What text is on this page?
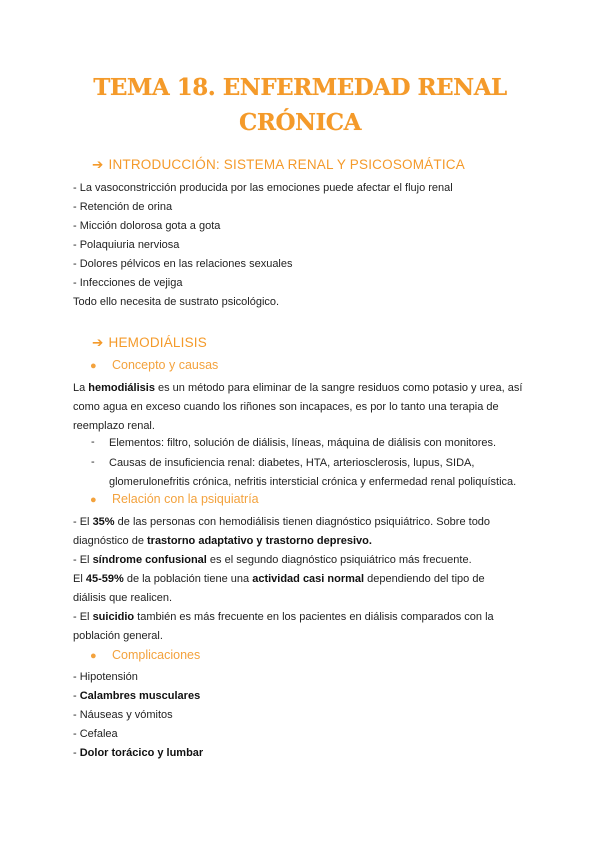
TEMA 18. ENFERMEDAD RENAL
CRÓNICA
➔ INTRODUCCIÓN: SISTEMA RENAL Y PSICOSOMÁTICA
- La vasoconstricción producida por las emociones puede afectar el flujo renal
- Retención de orina
- Micción dolorosa gota a gota
- Polaquiuria nerviosa
- Dolores pélvicos en las relaciones sexuales
- Infecciones de vejiga
Todo ello necesita de sustrato psicológico.
➔ HEMODIÁLISIS
● Concepto y causas
La hemodiálisis es un método para eliminar de la sangre residuos como potasio y urea, así
como agua en exceso cuando los riñones son incapaces, es por lo tanto una terapia de
reemplazo renal.
- Elementos: filtro, solución de diálisis, líneas, máquina de diálisis con monitores.
- Causas de insuficiencia renal: diabetes, HTA, arteriosclerosis, lupus, SIDA,
glomerulonefritis crónica, nefritis intersticial crónica y enfermedad renal poliquística.
● Relación con la psiquiatría
- El 35% de las personas con hemodiálisis tienen diagnóstico psiquiátrico. Sobre todo
diagnóstico de trastorno adaptativo y trastorno depresivo.
- El síndrome confusional es el segundo diagnóstico psiquiátrico más frecuente.
El 45-59% de la población tiene una actividad casi normal dependiendo del tipo de
diálisis que realicen.
- El suicidio también es más frecuente en los pacientes en diálisis comparados con la
población general.
● Complicaciones
- Hipotensión
- Calambres musculares
- Náuseas y vómitos
- Cefalea
- Dolor torácico y lumbar
